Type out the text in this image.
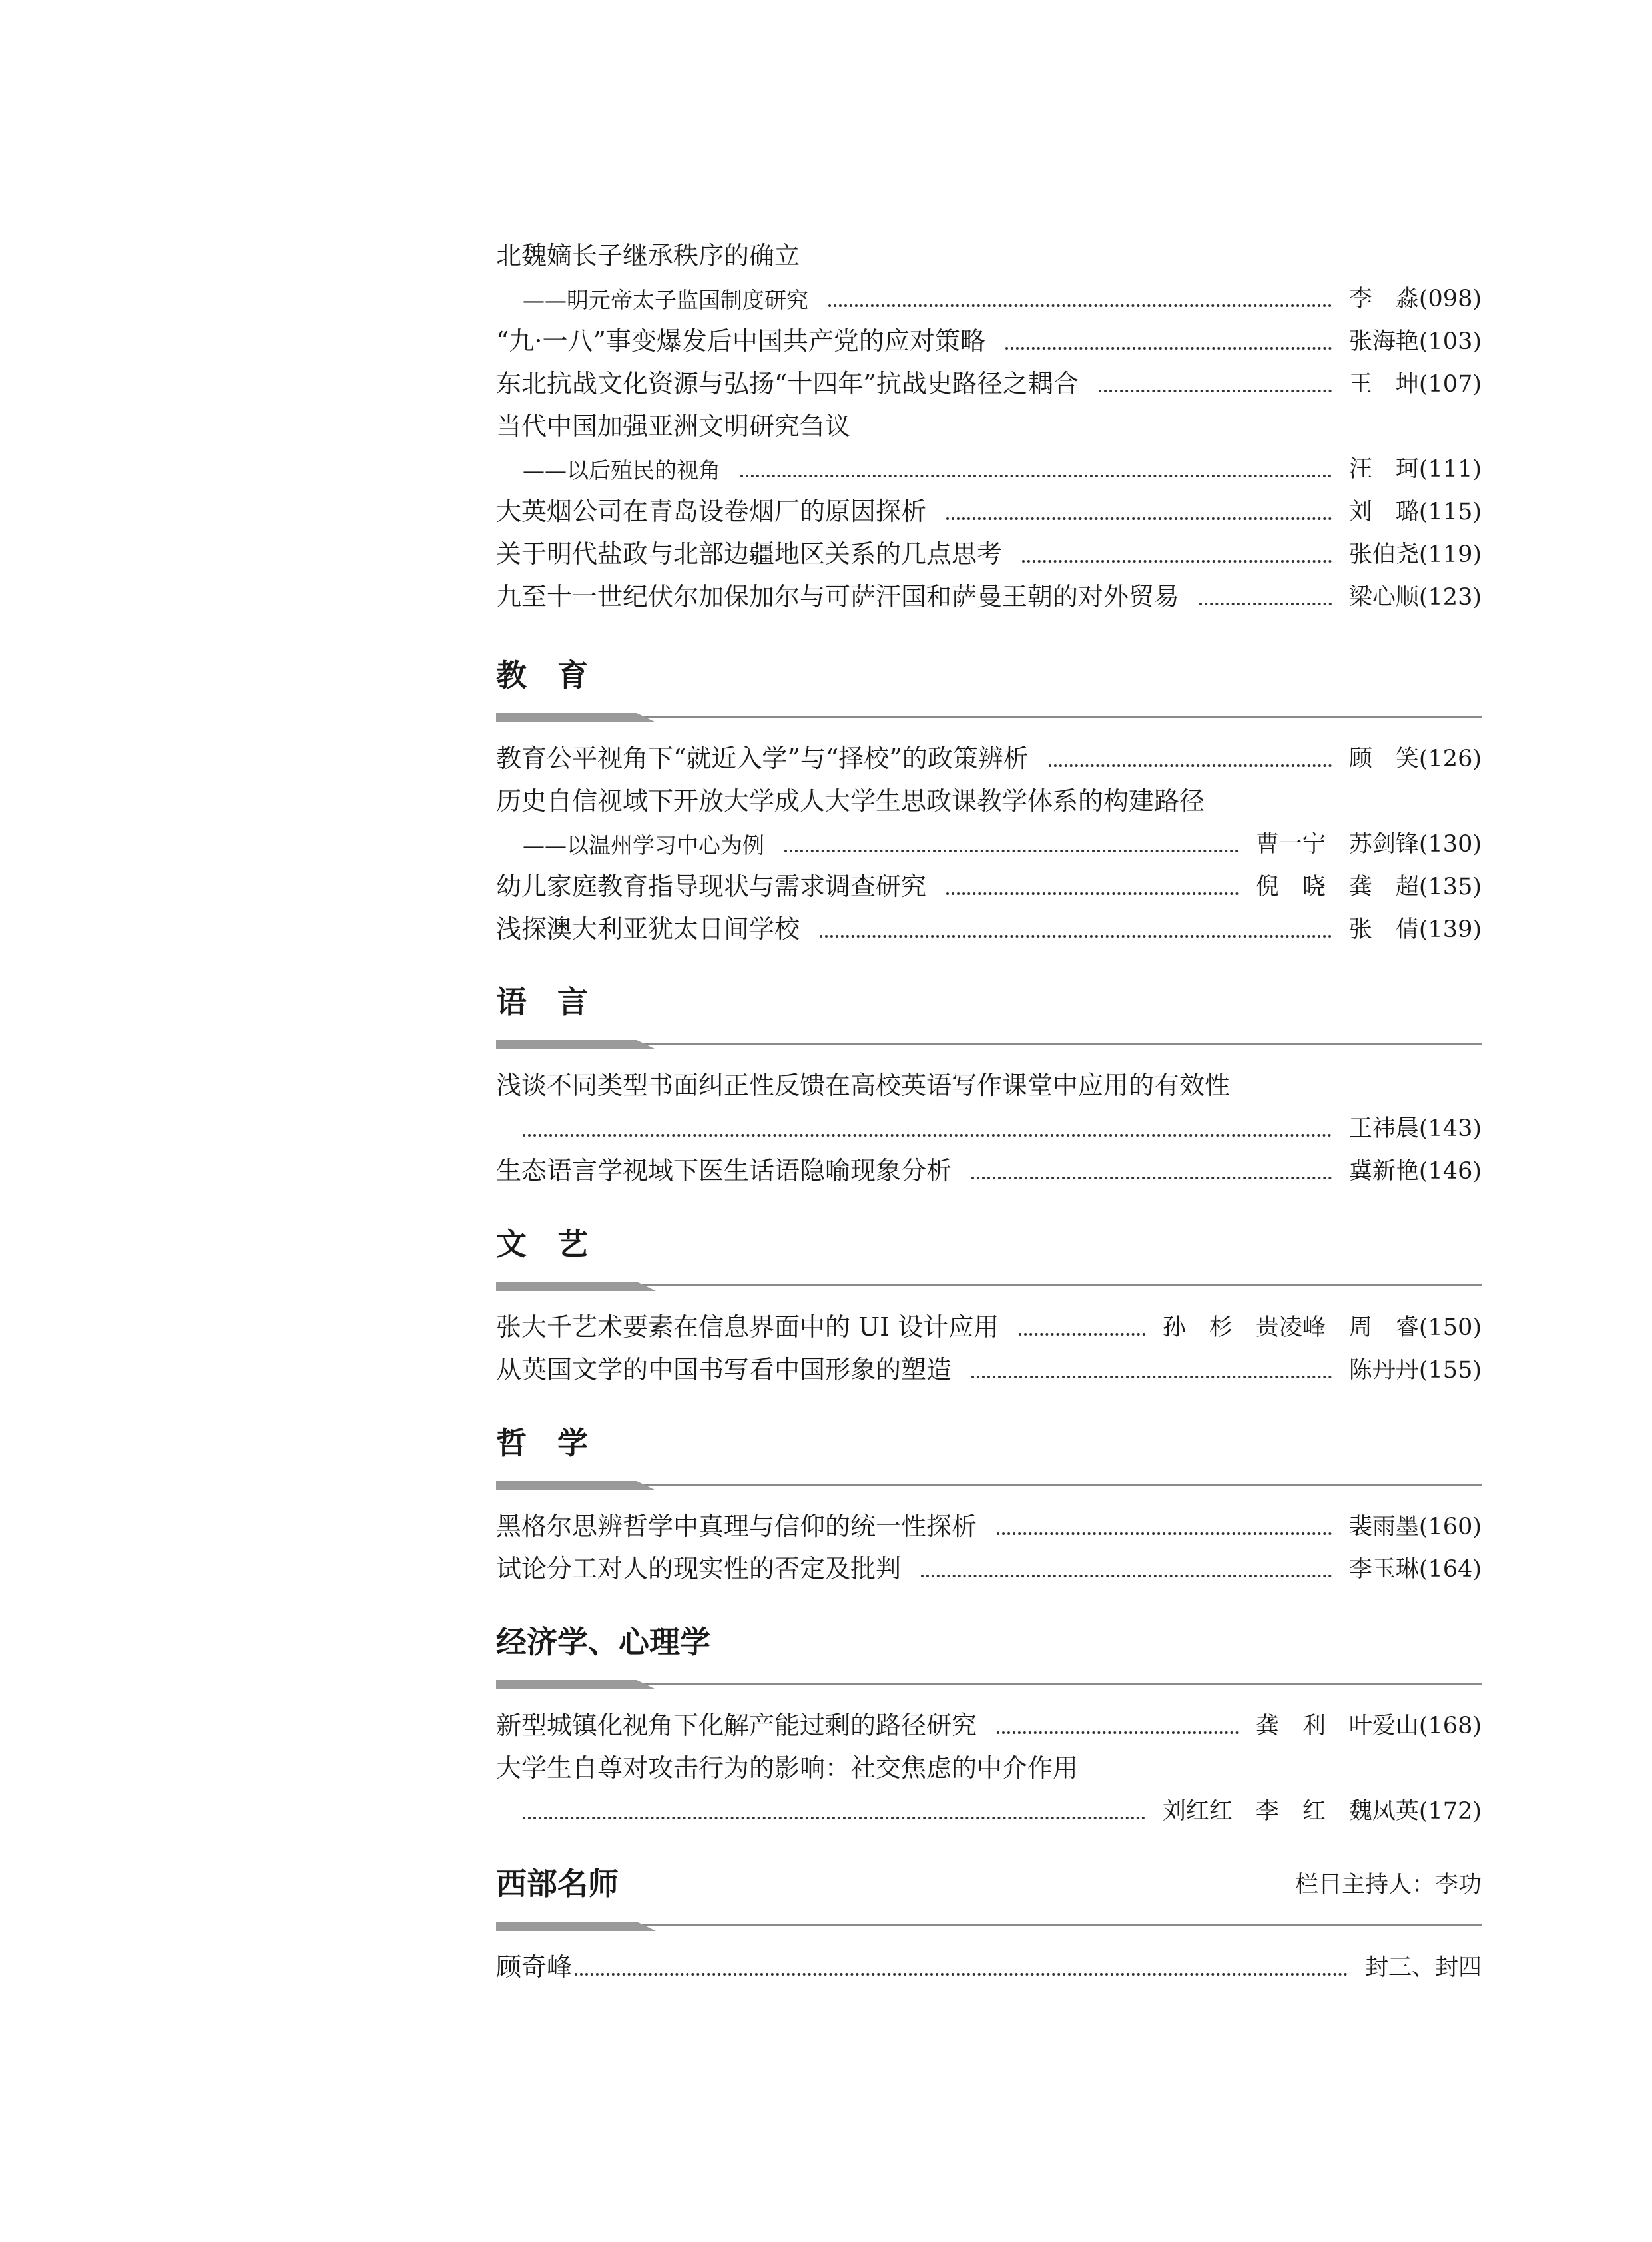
北魏嫡长子继承秩序的确立
——明元帝太子监国制度研究	李　淼(098)
“九·一八”事变爆发后中国共产党的应对策略	张海艳(103)
东北抗战文化资源与弘扬“十四年”抗战史路径之耦合	王　坤(107)
当代中国加强亚洲文明研究刍议
——以后殖民的视角	汪　珂(111)
大英烟公司在青岛设卷烟厂的原因探析	刘　璐(115)
关于明代盐政与北部边疆地区关系的几点思考	张伯尧(119)
九至十一世纪伏尔加保加尔与可萨汗国和萨曼王朝的对外贸易	梁心顺(123)
教　育
教育公平视角下“就近入学”与“择校”的政策辨析	顾　笑(126)
历史自信视域下开放大学成人大学生思政课教学体系的构建路径
——以温州学习中心为例	曹一宁　苏剑锋(130)
幼儿家庭教育指导现状与需求调查研究	倪　晓　龚　超(135)
浅探澳大利亚犹太日间学校	张　倩(139)
语　言
浅谈不同类型书面纠正性反馈在高校英语写作课堂中应用的有效性
王祎晨(143)
生态语言学视域下医生话语隐喻现象分析	冀新艳(146)
文　艺
张大千艺术要素在信息界面中的 UI 设计应用	孙　杉　贵凌峰　周　睿(150)
从英国文学的中国书写看中国形象的塑造	陈丹丹(155)
哲　学
黑格尔思辨哲学中真理与信仰的统一性探析	裴雨墨(160)
试论分工对人的现实性的否定及批判	李玉琳(164)
经济学、心理学
新型城镇化视角下化解产能过剩的路径研究	龚　利　叶爱山(168)
大学生自尊对攻击行为的影响：社交焦虑的中介作用
刘红红　李　红　魏凤英(172)
西部名师	栏目主持人：李功
顾奇峰	封三、封四
